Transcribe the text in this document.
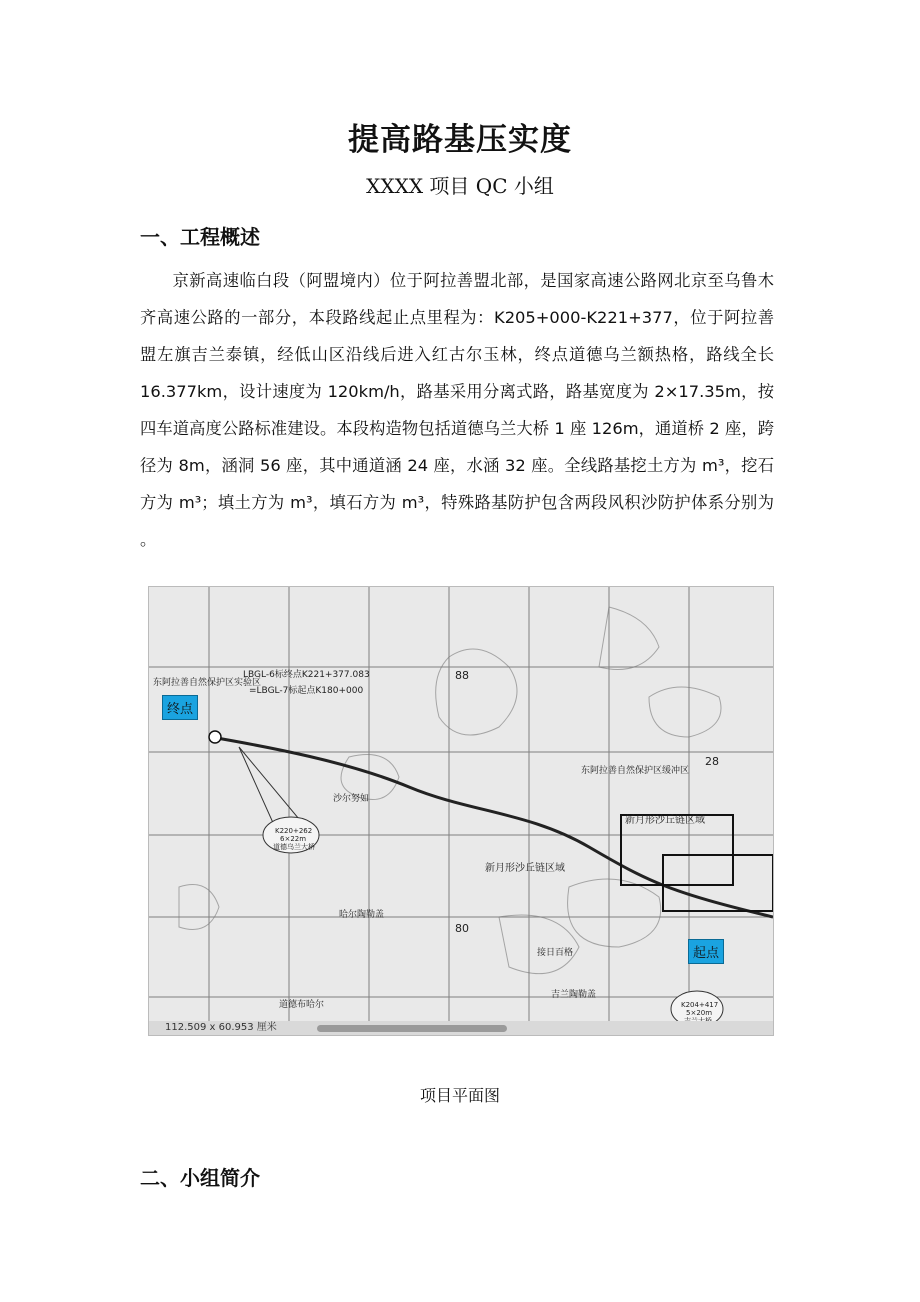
提高路基压实度
XXXX 项目 QC 小组
一、工程概述

京新高速临白段（阿盟境内）位于阿拉善盟北部，是国家高速公路网北京至乌鲁木齐高速公路的一部分，本段路线起止点里程为：K205+000-K221+377，位于阿拉善盟左旗吉兰泰镇，经低山区沿线后进入红古尔玉林，终点道德乌兰额热格，路线全长 16.377km，设计速度为 120km/h，路基采用分离式路，路基宽度为 2×17.35m，按四车道高度公路标准建设。本段构造物包括道德乌兰大桥 1 座 126m，通道桥 2 座，跨径为 8m，涵洞 56 座，其中通道涵 24 座，水涵 32 座。全线路基挖土方为 m³，挖石方为 m³；填土方为 m³，填石方为 m³，特殊路基防护包含两段风积沙防护体系分别为 。

东阿拉善自然保护区实验区
LBGL-6标终点K221+377.083
=LBGL-7标起点K180+000
东阿拉善自然保护区缓冲区
新月形沙丘链区域
新月形沙丘链区域
K220+262
6×22m
道德乌兰大桥
K204+417
5×20m
88
80
28
哈尔陶勒盖
沙尔努如
吉兰陶勒盖
接日百格
道德布哈尔
终点
起点
112.509 x 60.953 厘米
项目平面图
二、小组简介
